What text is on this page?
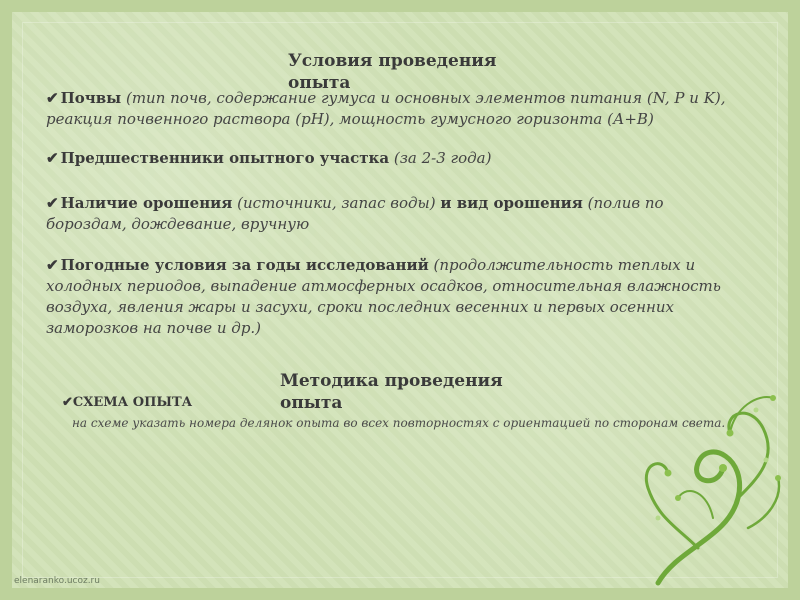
Условия проведения опыта
✔ Почвы (тип почв, содержание гумуса и основных элементов питания (N, P и K), реакция почвенного раствора (pH), мощность гумусного горизонта (А+В)
✔ Предшественники опытного участка (за 2-3 года)
✔ Наличие орошения (источники, запас воды) и вид орошения (полив по бороздам, дождевание, вручную
✔ Погодные условия за годы исследований (продолжительность теплых и холодных периодов, выпадение атмосферных осадков, относительная влажность воздуха, явления жары и засухи, сроки последних весенних и первых осенних заморозков на почве и др.)
Методика проведения опыта
✔СХЕМА ОПЫТА
на схеме указать номера делянок опыта во всех повторностях с ориентацией по сторонам света.
elenaranko.ucoz.ru
